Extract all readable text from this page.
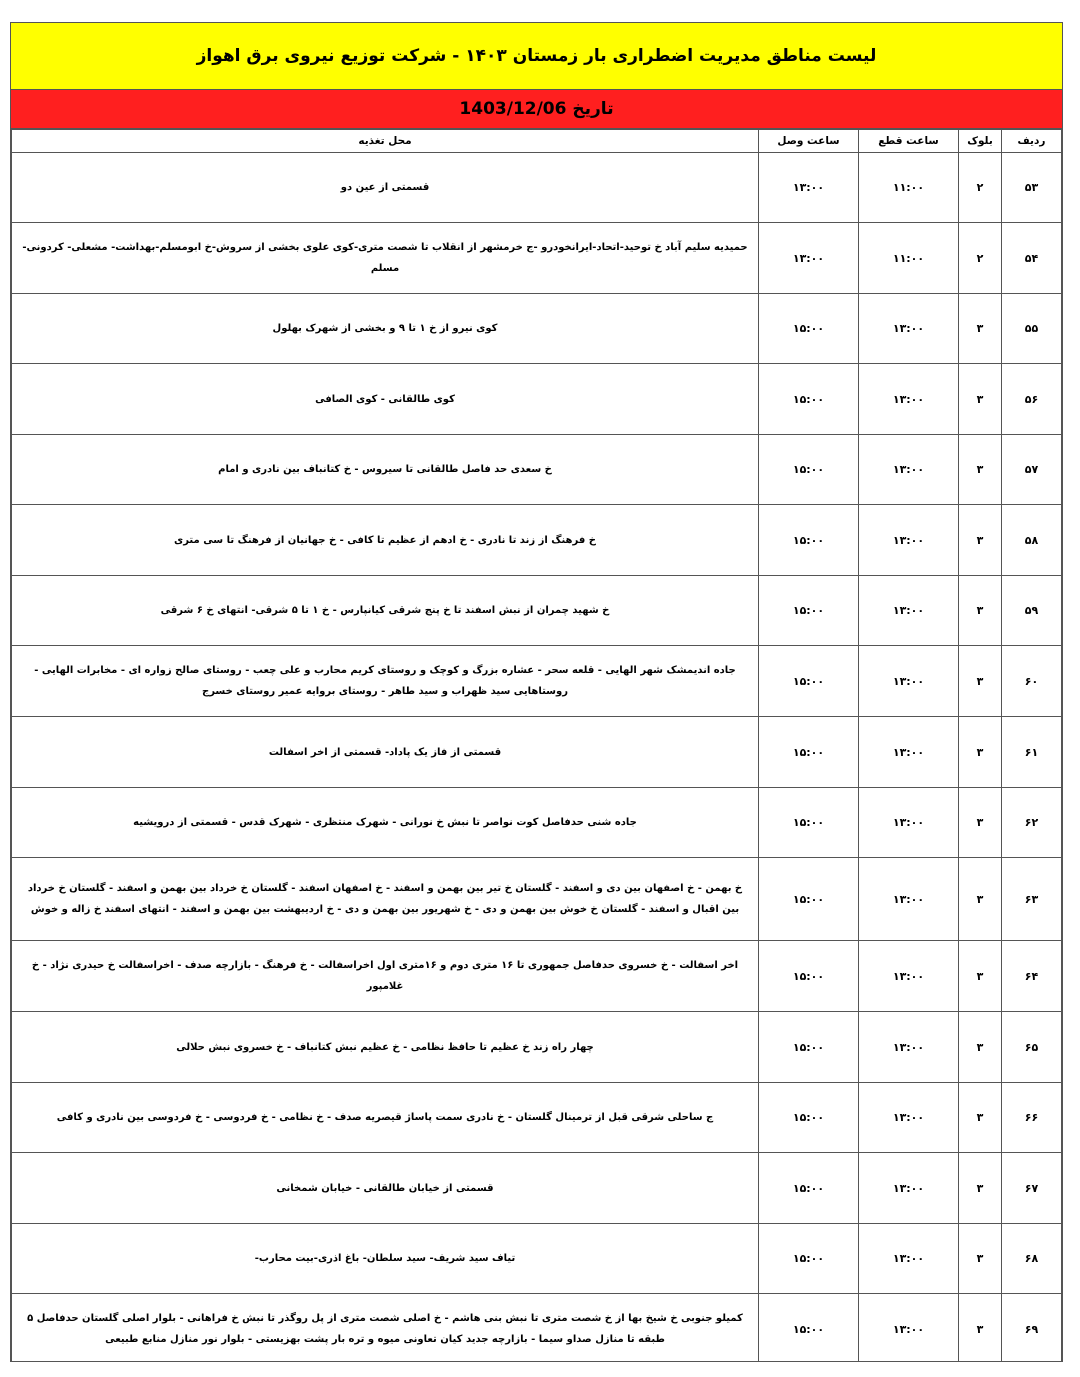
لیست مناطق مدیریت اضطراری بار زمستان ۱۴۰۳ - شرکت توزیع نیروی برق اهواز
تاریخ 1403/12/06
ردیف	بلوک	ساعت قطع	ساعت وصل	محل تغذیه
۵۳	۲	۱۱:۰۰	۱۳:۰۰	قسمتی از عین دو
۵۴	۲	۱۱:۰۰	۱۳:۰۰	حمیدیه سلیم آباد خ توحید-اتحاد-ایرانخودرو -ج خرمشهر از انقلاب تا شصت متری-کوی علوی بخشی از سروش-خ ابومسلم-بهداشت- مشعلی- کردونی-مسلم
۵۵	۳	۱۳:۰۰	۱۵:۰۰	کوی نیرو از خ ۱ تا ۹ و بخشی از شهرک بهلول
۵۶	۳	۱۳:۰۰	۱۵:۰۰	کوی طالقانی - کوی الصافی
۵۷	۳	۱۳:۰۰	۱۵:۰۰	خ سعدی حد فاصل طالقانی تا سیروس - خ کتانباف بین نادری و امام
۵۸	۳	۱۳:۰۰	۱۵:۰۰	خ فرهنگ از زند تا نادری - خ ادهم از عظیم تا کافی - خ جهانیان از فرهنگ تا سی متری
۵۹	۳	۱۳:۰۰	۱۵:۰۰	خ شهید چمران از نبش اسفند تا خ پنج شرقی کیانپارس - خ ۱ تا ۵ شرقی- انتهای خ ۶ شرقی
۶۰	۳	۱۳:۰۰	۱۵:۰۰	جاده اندیمشک شهر الهایی - قلعه سحر - عشاره بزرگ و کوچک و روستای کریم محارب و علی چعب - روستای صالح زواره ای - مخابرات الهایی - روستاهایی سید ظهراب و سید طاهر - روستای بروایه عمیر روستای خسرج
۶۱	۳	۱۳:۰۰	۱۵:۰۰	قسمتی از فاز یک پاداد- قسمتی از اخر اسفالت
۶۲	۳	۱۳:۰۰	۱۵:۰۰	جاده شنی حدفاصل کوت نواصر تا نبش خ نورانی - شهرک منتظری - شهرک قدس - قسمتی از درویشیه
۶۳	۳	۱۳:۰۰	۱۵:۰۰	خ بهمن - خ اصفهان بین دی و اسفند - گلستان خ تیر بین بهمن و اسفند - خ اصفهان اسفند - گلستان خ خرداد بین بهمن و اسفند - گلستان خ خرداد بین اقبال و اسفند - گلستان خ خوش بین بهمن و دی - خ شهریور بین بهمن و دی - خ اردیبهشت بین بهمن و اسفند - انتهای اسفند خ زاله و خوش
۶۴	۳	۱۳:۰۰	۱۵:۰۰	اخر اسفالت - خ خسروی حدفاصل جمهوری تا ۱۶ متری دوم و ۱۶متری اول اخراسفالت - خ فرهنگ - بازارچه صدف - اخراسفالت خ حیدری نژاد - خ غلامپور
۶۵	۳	۱۳:۰۰	۱۵:۰۰	چهار راه زند خ عظیم تا حافظ نظامی - خ عظیم نبش کتانباف - خ خسروی نبش حلالی
۶۶	۳	۱۳:۰۰	۱۵:۰۰	ج ساحلی شرقی قبل از ترمینال گلستان - خ نادری سمت پاساژ قیصریه صدف - خ نظامی - خ فردوسی - خ فردوسی بین نادری و کافی
۶۷	۳	۱۳:۰۰	۱۵:۰۰	قسمتی از خیابان طالقانی - خیابان شمخانی
۶۸	۳	۱۳:۰۰	۱۵:۰۰	تیاف سید شریف- سید سلطان- باغ اذری-بیت محارب-
۶۹	۳	۱۳:۰۰	۱۵:۰۰	کمیلو جنوبی خ شیخ بها از خ شصت متری تا نبش بنی هاشم - خ اصلی شصت متری از پل روگذر تا نبش خ فراهانی - بلوار اصلی گلستان حدفاصل ۵ طبقه تا منازل صداو سیما - بازارچه جدید کیان تعاونی میوه و تره بار پشت بهزیستی - بلوار نور منازل منابع طبیعی
